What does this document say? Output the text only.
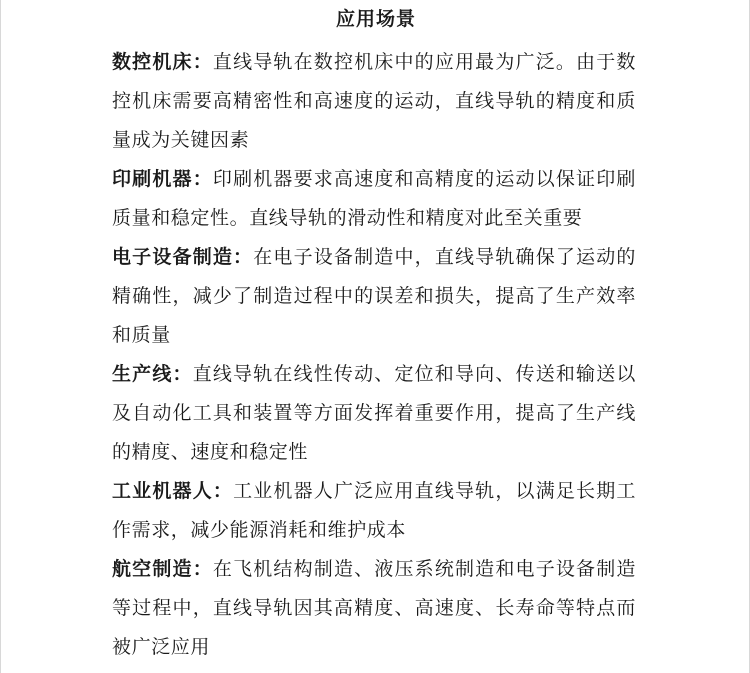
应用场景

数控机床：直线导轨在数控机床中的应用最为广泛。由于数控机床需要高精密性和高速度的运动，直线导轨的精度和质量成为关键因素

印刷机器：印刷机器要求高速度和高精度的运动以保证印刷质量和稳定性。直线导轨的滑动性和精度对此至关重要

电子设备制造：在电子设备制造中，直线导轨确保了运动的精确性，减少了制造过程中的误差和损失，提高了生产效率和质量

生产线：直线导轨在线性传动、定位和导向、传送和输送以及自动化工具和装置等方面发挥着重要作用，提高了生产线的精度、速度和稳定性

工业机器人：工业机器人广泛应用直线导轨，以满足长期工作需求，减少能源消耗和维护成本

航空制造：在飞机结构制造、液压系统制造和电子设备制造等过程中，直线导轨因其高精度、高速度、长寿命等特点而被广泛应用
